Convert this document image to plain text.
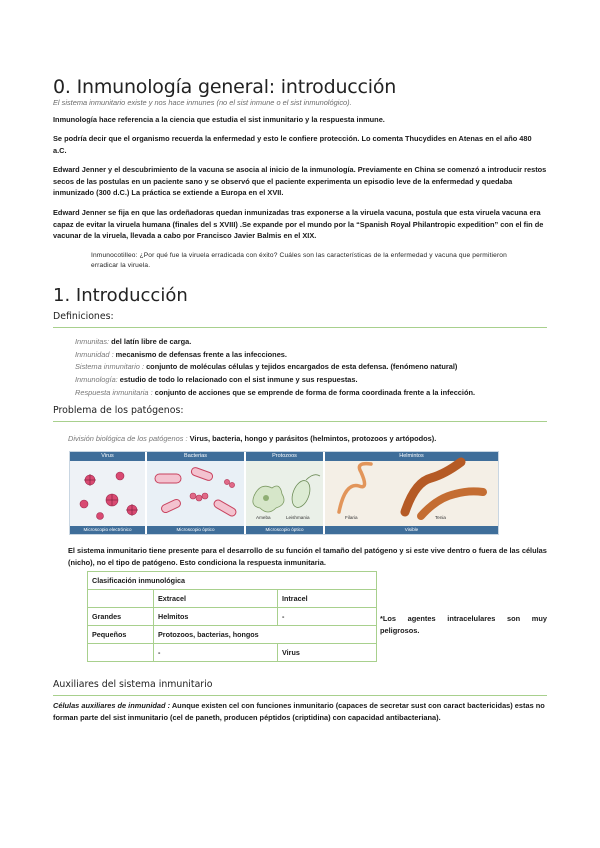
0. Inmunología general: introducción
El sistema inmunitario existe y nos hace inmunes (no el sist inmune o el sist inmunológico).

Inmunología hace referencia a la ciencia que estudia el sist inmunitario y la respuesta inmune.

Se podría decir que el organismo recuerda la enfermedad y esto le confiere protección. Lo comenta Thucydides en Atenas en el año 480 a.C.

Edward Jenner y el descubrimiento de la vacuna se asocia al inicio de la inmunología. Previamente en China se comenzó a introducir restos secos de las postulas en un paciente sano y se observó que el paciente experimenta un episodio leve de la enfermedad y quedaba inmunizado (300 d.C.) La práctica se extiende a Europa en el XVII.

Edward Jenner se fija en que las ordeñadoras quedan inmunizadas tras exponerse a la viruela vacuna, postula que esta viruela vacuna era capaz de evitar la viruela humana (finales del s XVIII) .Se expande por el mundo por la “Spanish Royal Philantropic expedition” con el fin de vacunar de la viruela, llevada a cabo por Francisco Javier Balmis en el XIX.

Inmunocotilleo: ¿Por qué fue la viruela erradicada con éxito? Cuáles son las características de la enfermedad y vacuna que permitieron erradicar la viruela.
1. Introducción
Definiciones:
Inmunitas: del latín libre de carga.
Inmunidad : mecanismo de defensas frente a las infecciones.
Sistema inmunitario : conjunto de moléculas células y tejidos encargados de esta defensa. (fenómeno natural)
Inmunología: estudio de todo lo relacionado con el sist inmune y sus respuestas.
Respuesta inmunitaria : conjunto de acciones que se emprende de forma de forma coordinada frente a la infección.
Problema de los patógenos:
División biológica de los patógenos : Virus, bacteria, hongo y parásitos (helmintos, protozoos y artópodos).
Virus
Microscopio electrónico
Bacterias
Microscopio óptico
Protozoos
Ameba	Leishmania
Microscopio óptico
Helmintos
Filaria	Tenia
Visible
El sistema inmunitario tiene presente para el desarrollo de su función el tamaño del patógeno y si este vive dentro o fuera de las células (nicho), no el tipo de patógeno. Esto condiciona la respuesta inmunitaria.
Clasificación inmunológica		
	Extracel	Intracel
Grandes	Helmitos	-
Pequeños	Protozoos, bacterias, hongos	
	-	Virus
*Los agentes intracelulares son muy peligrosos.
Auxiliares del sistema inmunitario
Células auxiliares de inmunidad : Aunque existen cel con funciones inmunitario (capaces de secretar sust con caract bactericidas) estas no forman parte del sist inmunitario (cel de paneth, producen péptidos (criptidina) con capacidad antibacteriana).
